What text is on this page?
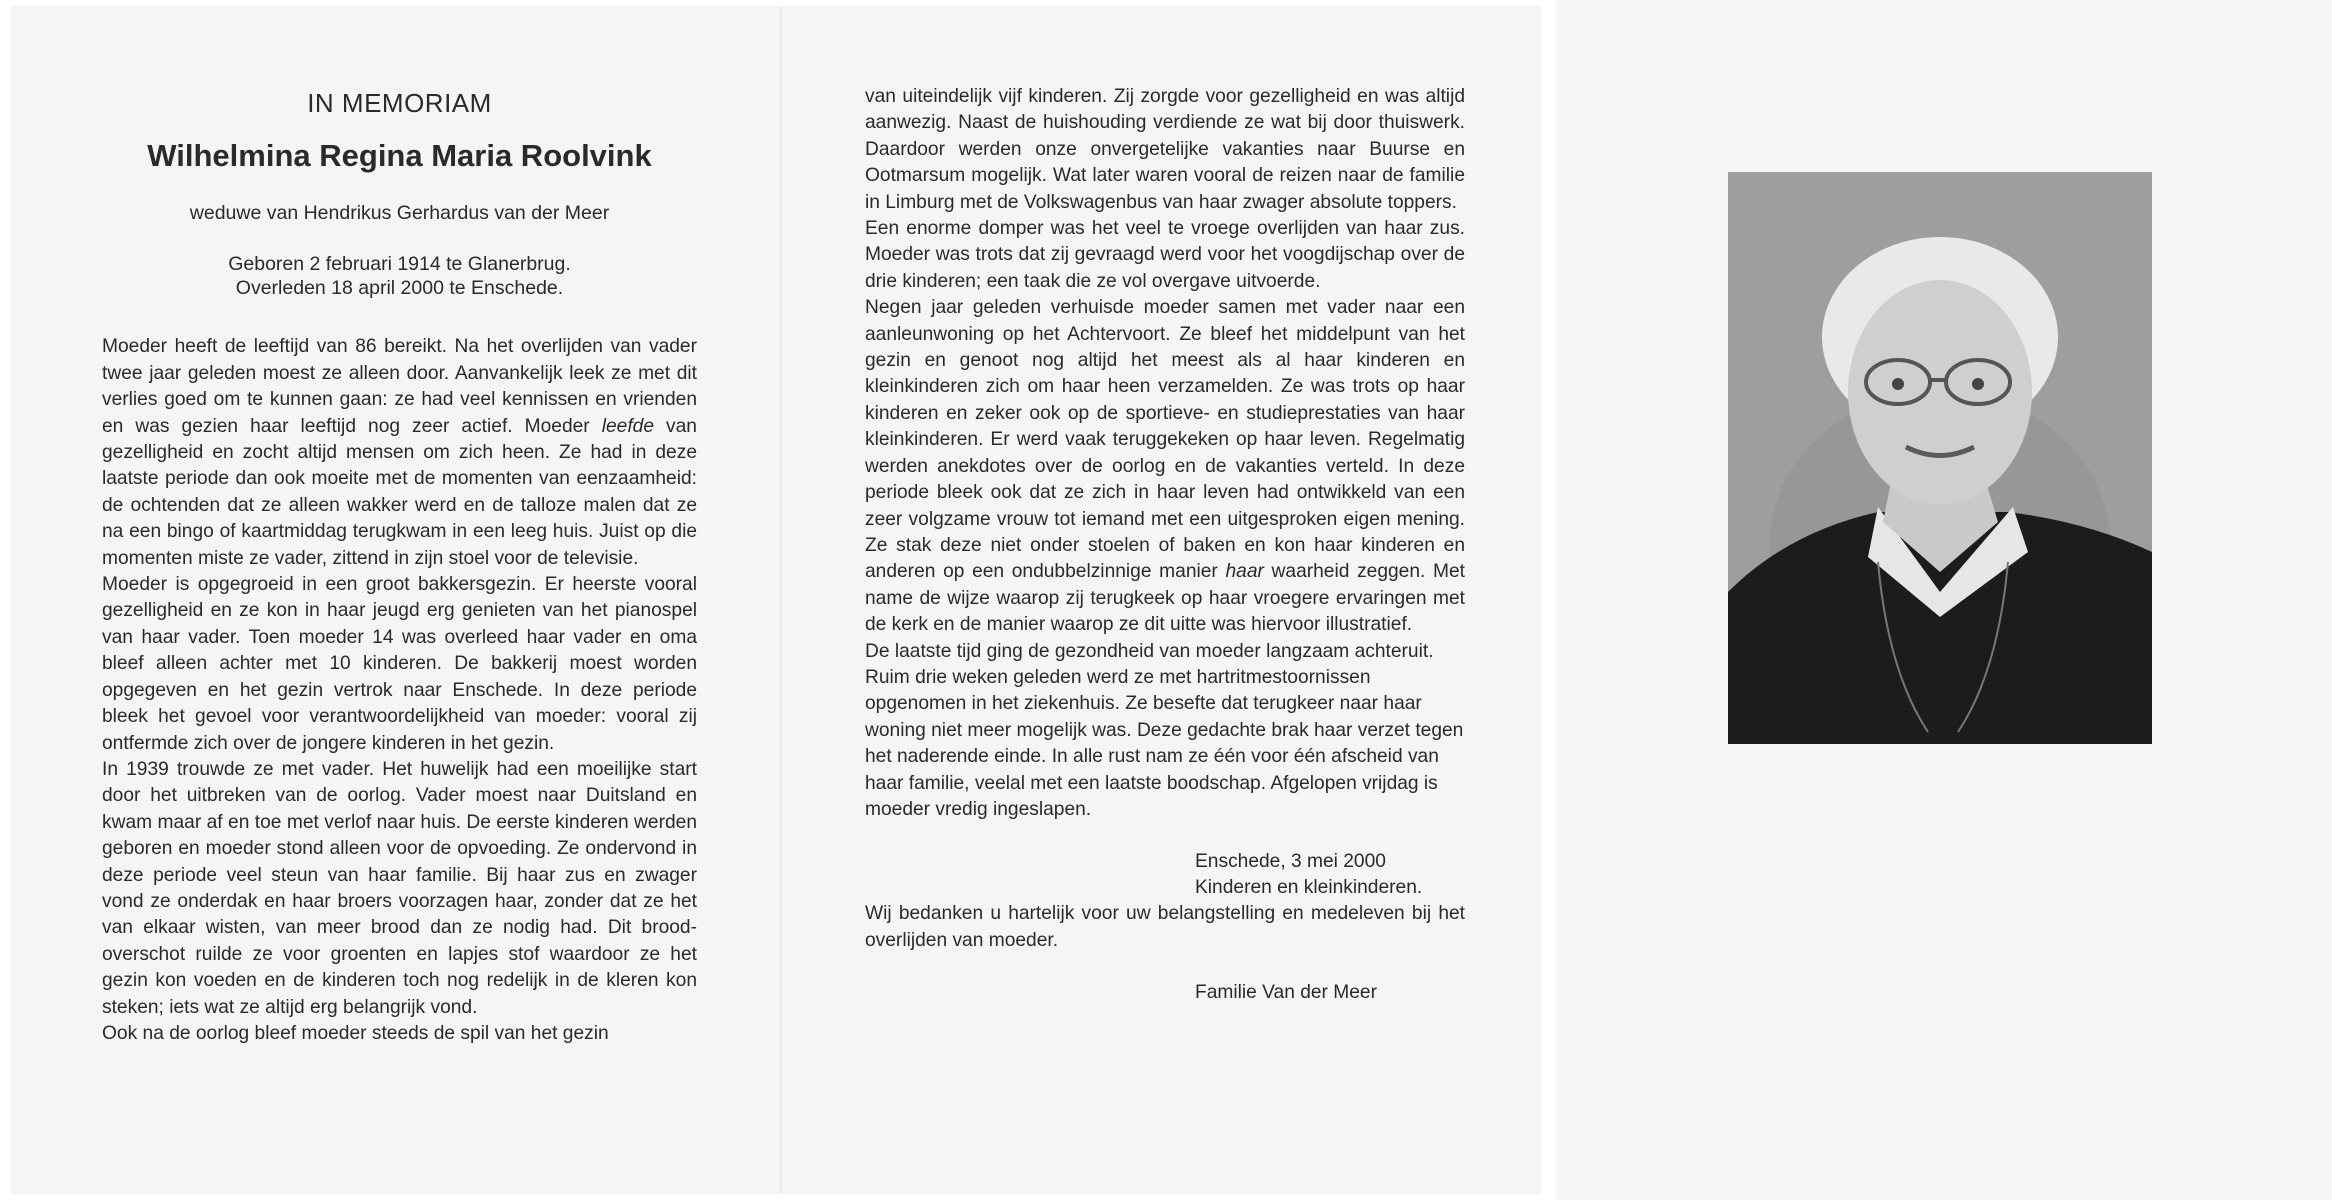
IN MEMORIAM
Wilhelmina Regina Maria Roolvink
weduwe van Hendrikus Gerhardus van der Meer
Geboren 2 februari 1914 te Glanerbrug.
Overleden 18 april 2000 te Enschede.

Moeder heeft de leeftijd van 86 bereikt. Na het overlijden van vader twee jaar geleden moest ze alleen door. Aanvankelijk leek ze met dit verlies goed om te kunnen gaan: ze had veel kennissen en vrienden en was gezien haar leeftijd nog zeer actief. Moeder leefde van gezelligheid en zocht altijd mensen om zich heen. Ze had in deze laatste periode dan ook moeite met de momenten van eenzaamheid: de ochtenden dat ze alleen wakker werd en de talloze malen dat ze na een bingo of kaartmiddag terugkwam in een leeg huis. Juist op die momenten miste ze vader, zittend in zijn stoel voor de televisie.

Moeder is opgegroeid in een groot bakkersgezin. Er heerste vooral gezelligheid en ze kon in haar jeugd erg genieten van het pianospel van haar vader. Toen moeder 14 was overleed haar vader en oma bleef alleen achter met 10 kinderen. De bakkerij moest worden opgegeven en het gezin vertrok naar Enschede. In deze periode bleek het gevoel voor verantwoordelijkheid van moeder: vooral zij ontfermde zich over de jongere kinderen in het gezin.

In 1939 trouwde ze met vader. Het huwelijk had een moeilijke start door het uitbreken van de oorlog. Vader moest naar Duitsland en kwam maar af en toe met verlof naar huis. De eerste kinderen werden geboren en moeder stond alleen voor de opvoeding. Ze ondervond in deze periode veel steun van haar familie. Bij haar zus en zwager vond ze onderdak en haar broers voorzagen haar, zonder dat ze het van elkaar wisten, van meer brood dan ze nodig had. Dit broodoverschot ruilde ze voor groenten en lapjes stof waardoor ze het gezin kon voeden en de kinderen toch nog redelijk in de kleren kon steken; iets wat ze altijd erg belangrijk vond.

Ook na de oorlog bleef moeder steeds de spil van het gezin

van uiteindelijk vijf kinderen. Zij zorgde voor gezelligheid en was altijd aanwezig. Naast de huishouding verdiende ze wat bij door thuiswerk. Daardoor werden onze onvergetelijke vakanties naar Buurse en Ootmarsum mogelijk. Wat later waren vooral de reizen naar de familie in Limburg met de Volkswagenbus van haar zwager absolute toppers.

Een enorme domper was het veel te vroege overlijden van haar zus. Moeder was trots dat zij gevraagd werd voor het voogdijschap over de drie kinderen; een taak die ze vol overgave uitvoerde.

Negen jaar geleden verhuisde moeder samen met vader naar een aanleunwoning op het Achtervoort. Ze bleef het middelpunt van het gezin en genoot nog altijd het meest als al haar kinderen en kleinkinderen zich om haar heen verzamelden. Ze was trots op haar kinderen en zeker ook op de sportieve- en studieprestaties van haar kleinkinderen. Er werd vaak teruggekeken op haar leven. Regelmatig werden anekdotes over de oorlog en de vakanties verteld. In deze periode bleek ook dat ze zich in haar leven had ontwikkeld van een zeer volgzame vrouw tot iemand met een uitgesproken eigen mening. Ze stak deze niet onder stoelen of baken en kon haar kinderen en anderen op een ondubbelzinnige manier haar waarheid zeggen. Met name de wijze waarop zij terugkeek op haar vroegere ervaringen met de kerk en de manier waarop ze dit uitte was hiervoor illustratief.

De laatste tijd ging de gezondheid van moeder langzaam achteruit. Ruim drie weken geleden werd ze met hartritmestoornissen opgenomen in het ziekenhuis. Ze besefte dat terugkeer naar haar woning niet meer mogelijk was. Deze gedachte brak haar verzet tegen het naderende einde. In alle rust nam ze één voor één afscheid van haar familie, veelal met een laatste boodschap. Afgelopen vrijdag is moeder vredig ingeslapen.

Enschede, 3 mei 2000
Kinderen en kleinkinderen.

Wij bedanken u hartelijk voor uw belangstelling en medeleven bij het overlijden van moeder.

Familie Van der Meer
